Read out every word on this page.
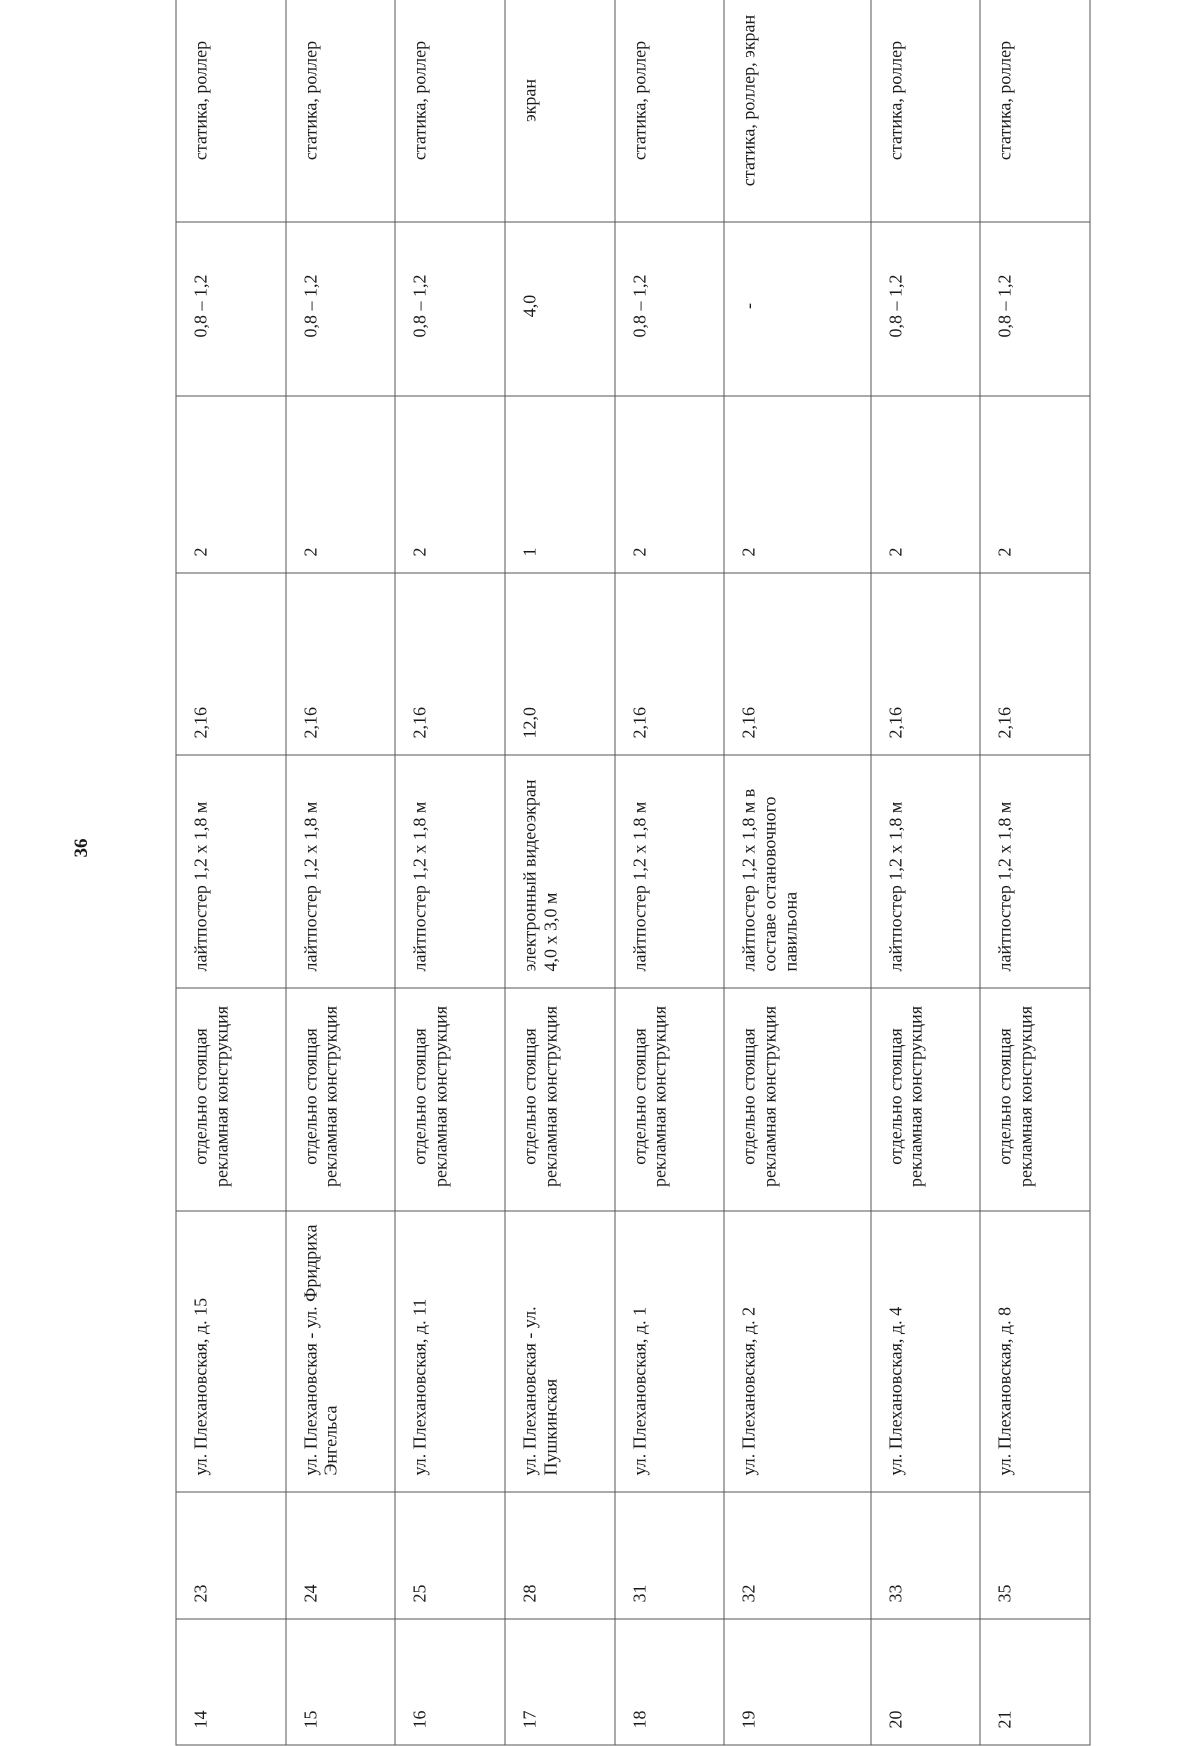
36
14	23	ул. Плехановская, д. 15	отдельно стоящая рекламная конструкция	лайтпостер 1,2 х 1,8 м	2,16	2	0,8 – 1,2	статика, роллер
15	24	ул. Плехановская - ул. Фридриха Энгельса	отдельно стоящая рекламная конструкция	лайтпостер 1,2 х 1,8 м	2,16	2	0,8 – 1,2	статика, роллер
16	25	ул. Плехановская, д. 11	отдельно стоящая рекламная конструкция	лайтпостер 1,2 х 1,8 м	2,16	2	0,8 – 1,2	статика, роллер
17	28	ул. Плехановская - ул. Пушкинская	отдельно стоящая рекламная конструкция	электронный видеоэкран 4,0 х 3,0 м	12,0	1	4,0	экран
18	31	ул. Плехановская, д. 1	отдельно стоящая рекламная конструкция	лайтпостер 1,2 х 1,8 м	2,16	2	0,8 – 1,2	статика, роллер
19	32	ул. Плехановская, д. 2	отдельно стоящая рекламная конструкция	лайтпостер 1,2 х 1,8 м в составе остановочного павильона	2,16	2	-	статика, роллер, экран
20	33	ул. Плехановская, д. 4	отдельно стоящая рекламная конструкция	лайтпостер 1,2 х 1,8 м	2,16	2	0,8 – 1,2	статика, роллер
21	35	ул. Плехановская, д. 8	отдельно стоящая рекламная конструкция	лайтпостер 1,2 х 1,8 м	2,16	2	0,8 – 1,2	статика, роллер
